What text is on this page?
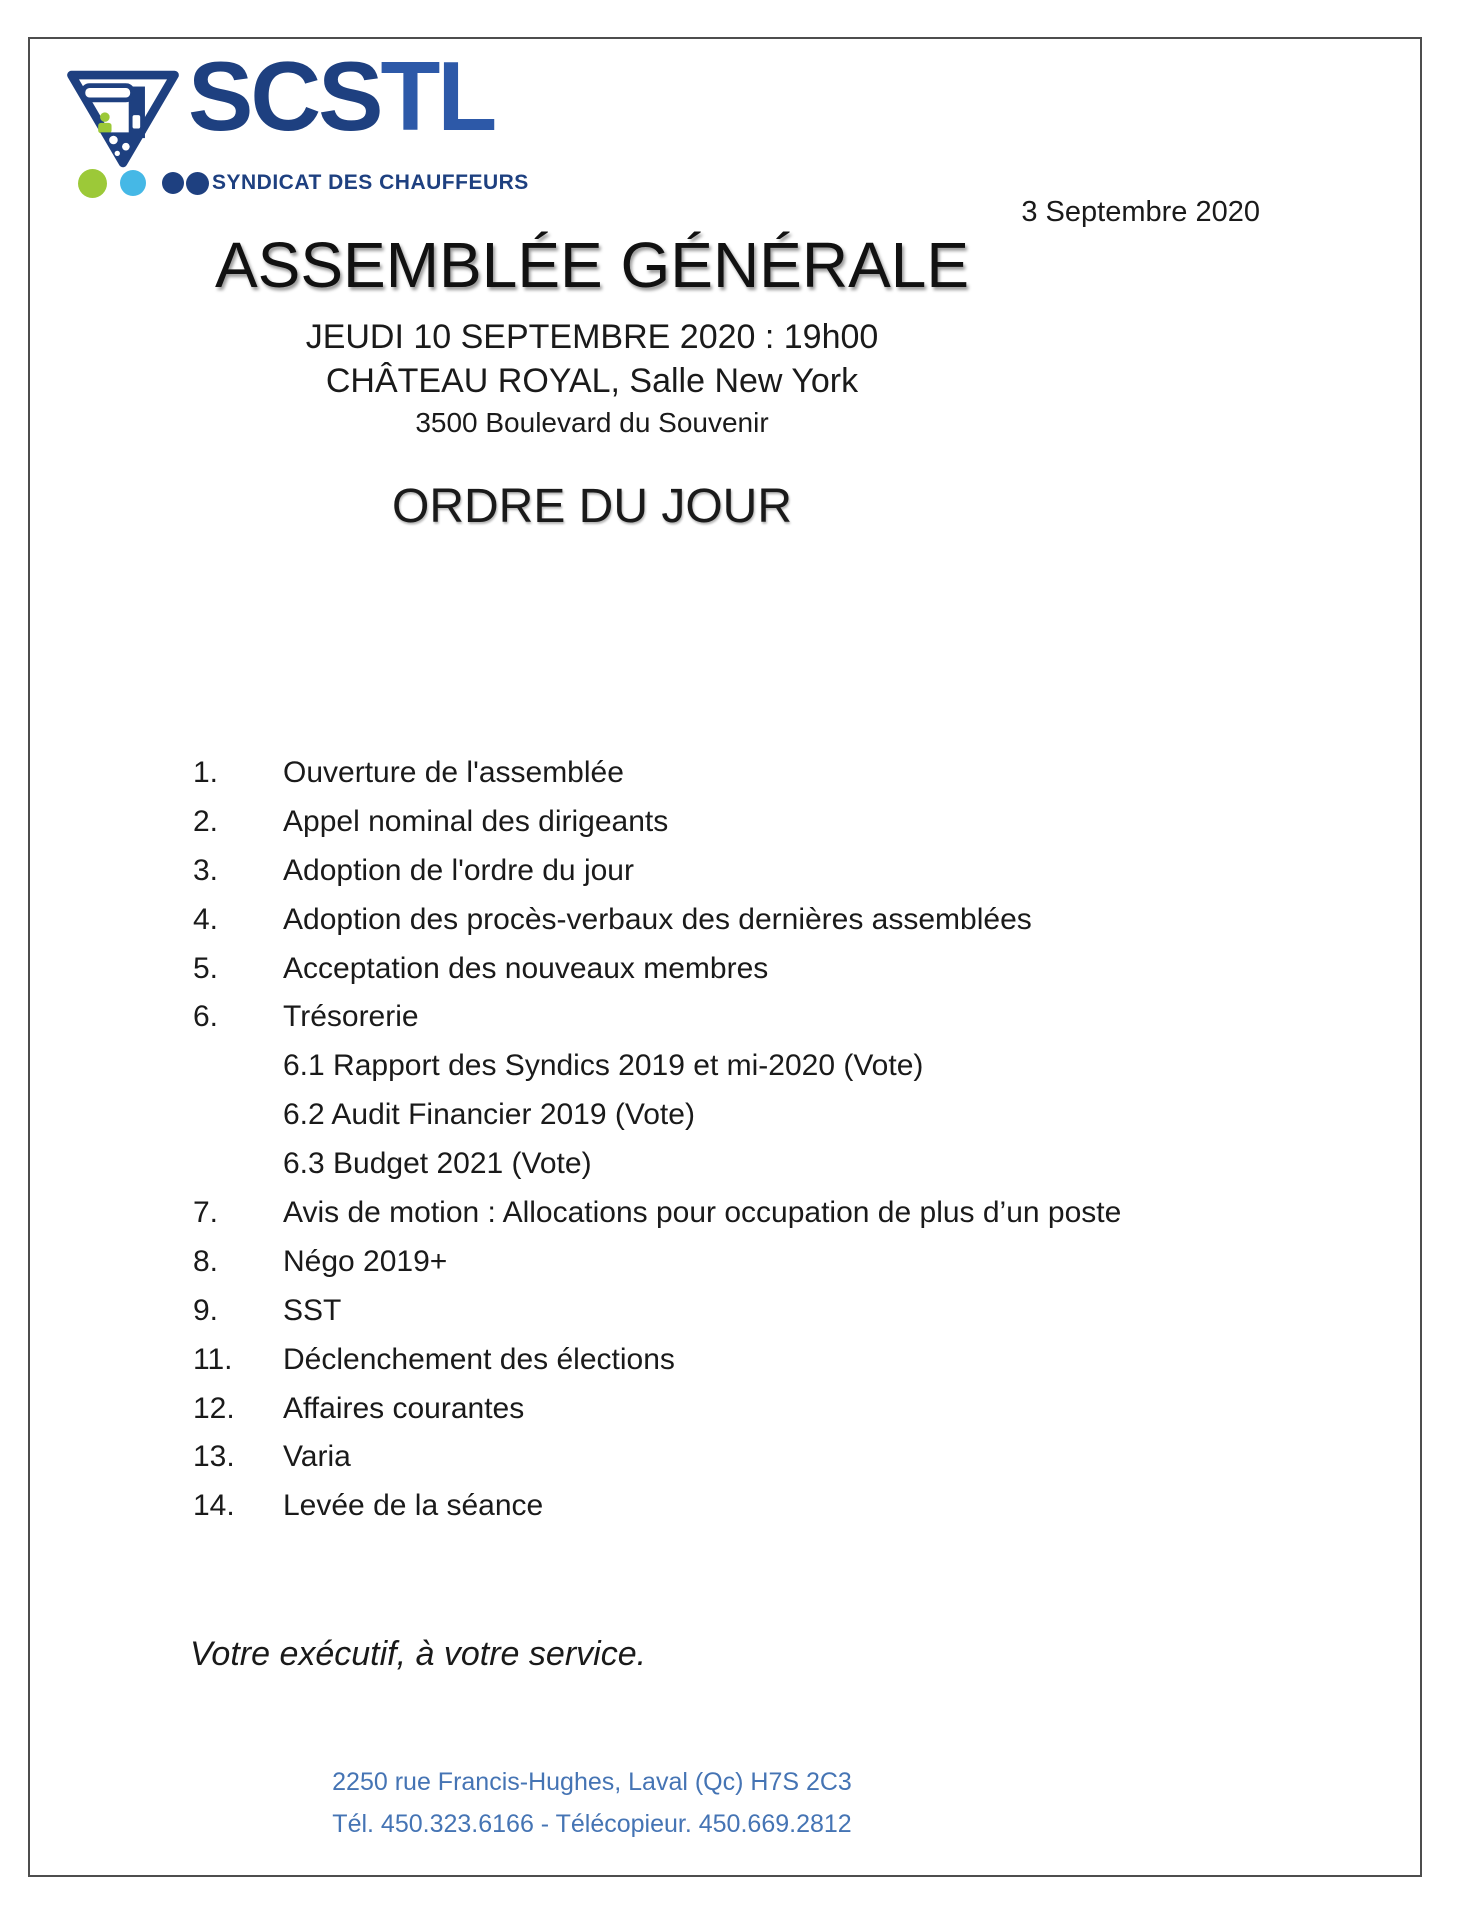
SCSTL
SYNDICAT DES CHAUFFEURS
3 Septembre 2020
ASSEMBLÉE GÉNÉRALE
JEUDI 10 SEPTEMBRE 2020 : 19h00
CHÂTEAU ROYAL, Salle New York
3500 Boulevard du Souvenir
ORDRE DU JOUR
1.	Ouverture de l'assemblée
2.	Appel nominal des dirigeants
3.	Adoption de l'ordre du jour
4.	Adoption des procès-verbaux des dernières assemblées
5.	Acceptation des nouveaux membres
6.	Trésorerie
6.1 Rapport des Syndics 2019 et mi-2020 (Vote)
6.2 Audit Financier 2019 (Vote)
6.3 Budget 2021 (Vote)
7.	Avis de motion : Allocations pour occupation de plus d’un poste
8.	Négo 2019+
9.	SST
11.	Déclenchement des élections
12.	Affaires courantes
13.	Varia
14.	Levée de la séance
Votre exécutif, à votre service.
2250 rue Francis-Hughes, Laval (Qc) H7S 2C3
Tél. 450.323.6166 - Télécopieur. 450.669.2812
